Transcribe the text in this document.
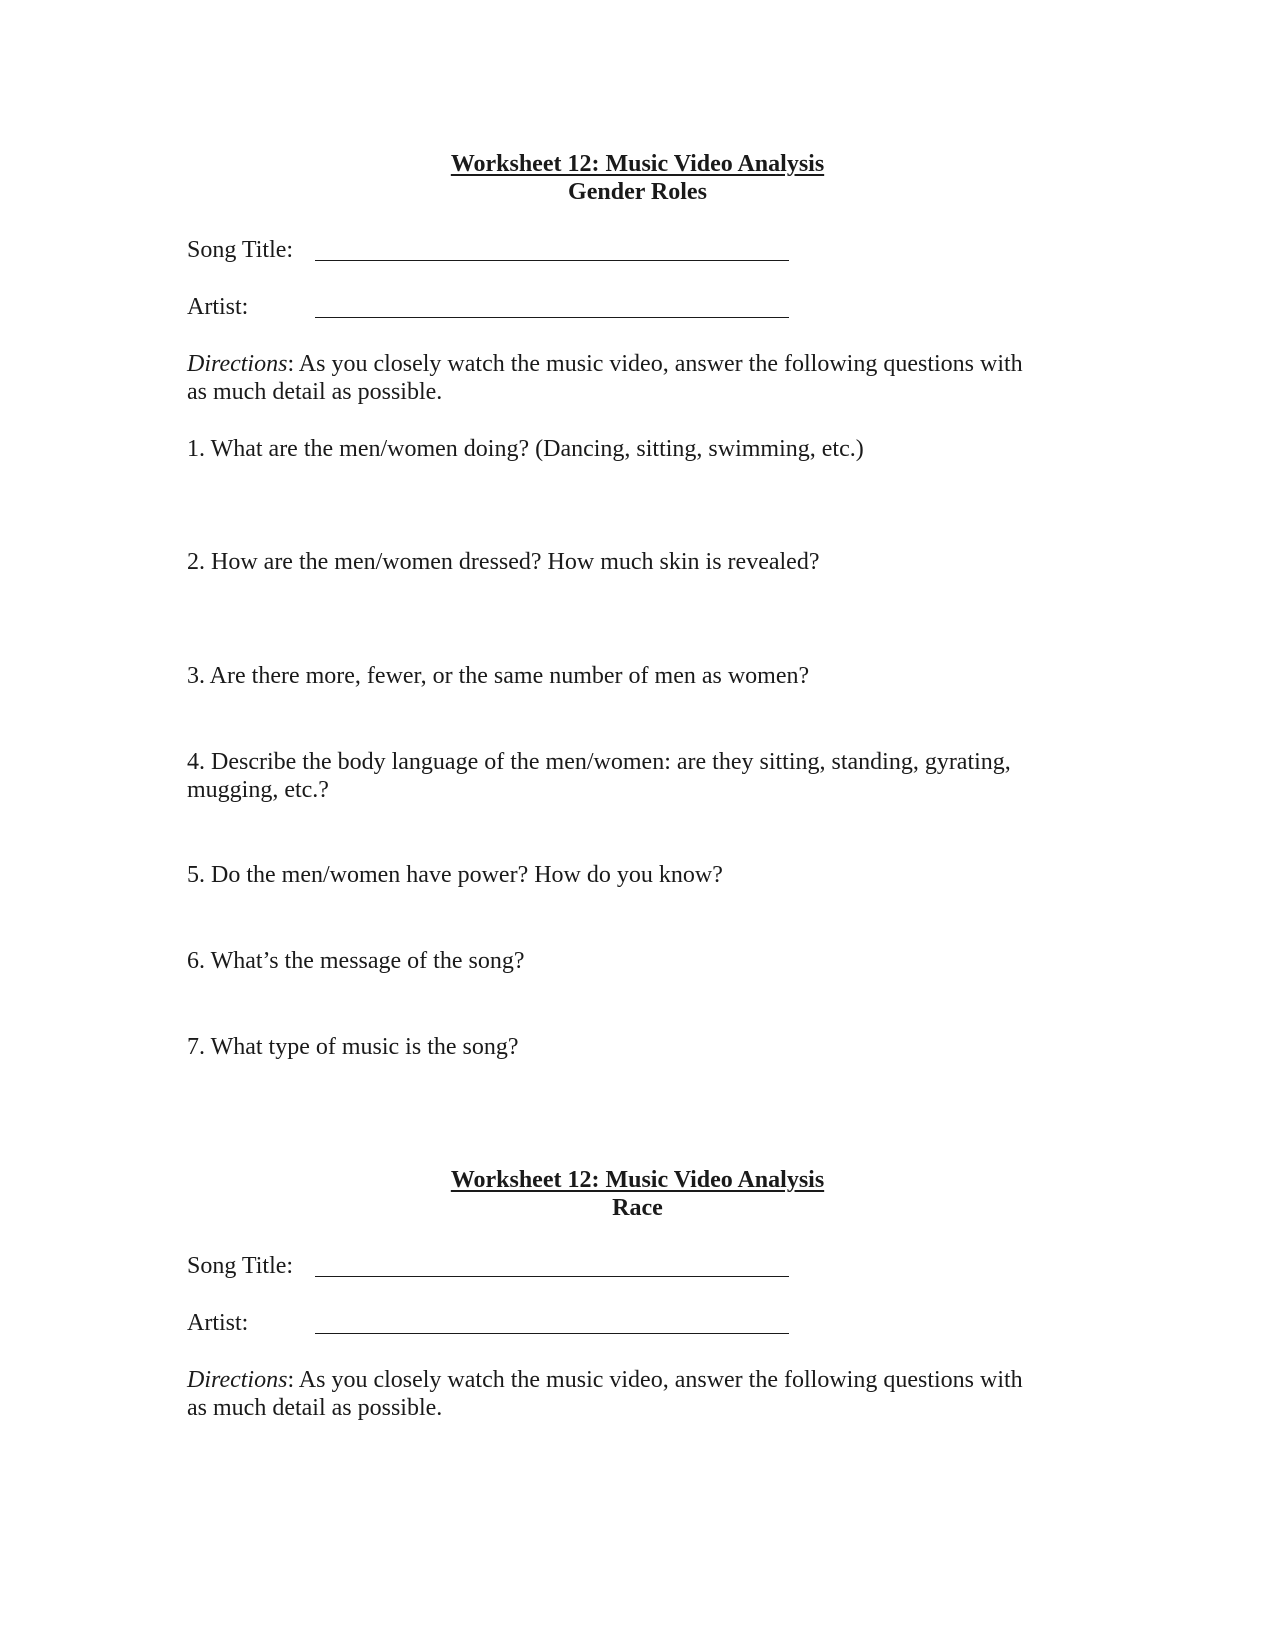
Worksheet 12: Music Video Analysis
Gender Roles
Song Title:
Artist:
Directions: As you closely watch the music video, answer the following questions with
as much detail as possible.
1. What are the men/women doing? (Dancing, sitting, swimming, etc.)
2. How are the men/women dressed? How much skin is revealed?
3. Are there more, fewer, or the same number of men as women?
4. Describe the body language of the men/women: are they sitting, standing, gyrating,
mugging, etc.?
5. Do the men/women have power? How do you know?
6. What’s the message of the song?
7. What type of music is the song?
Worksheet 12: Music Video Analysis
Race
Song Title:
Artist:
Directions: As you closely watch the music video, answer the following questions with
as much detail as possible.
